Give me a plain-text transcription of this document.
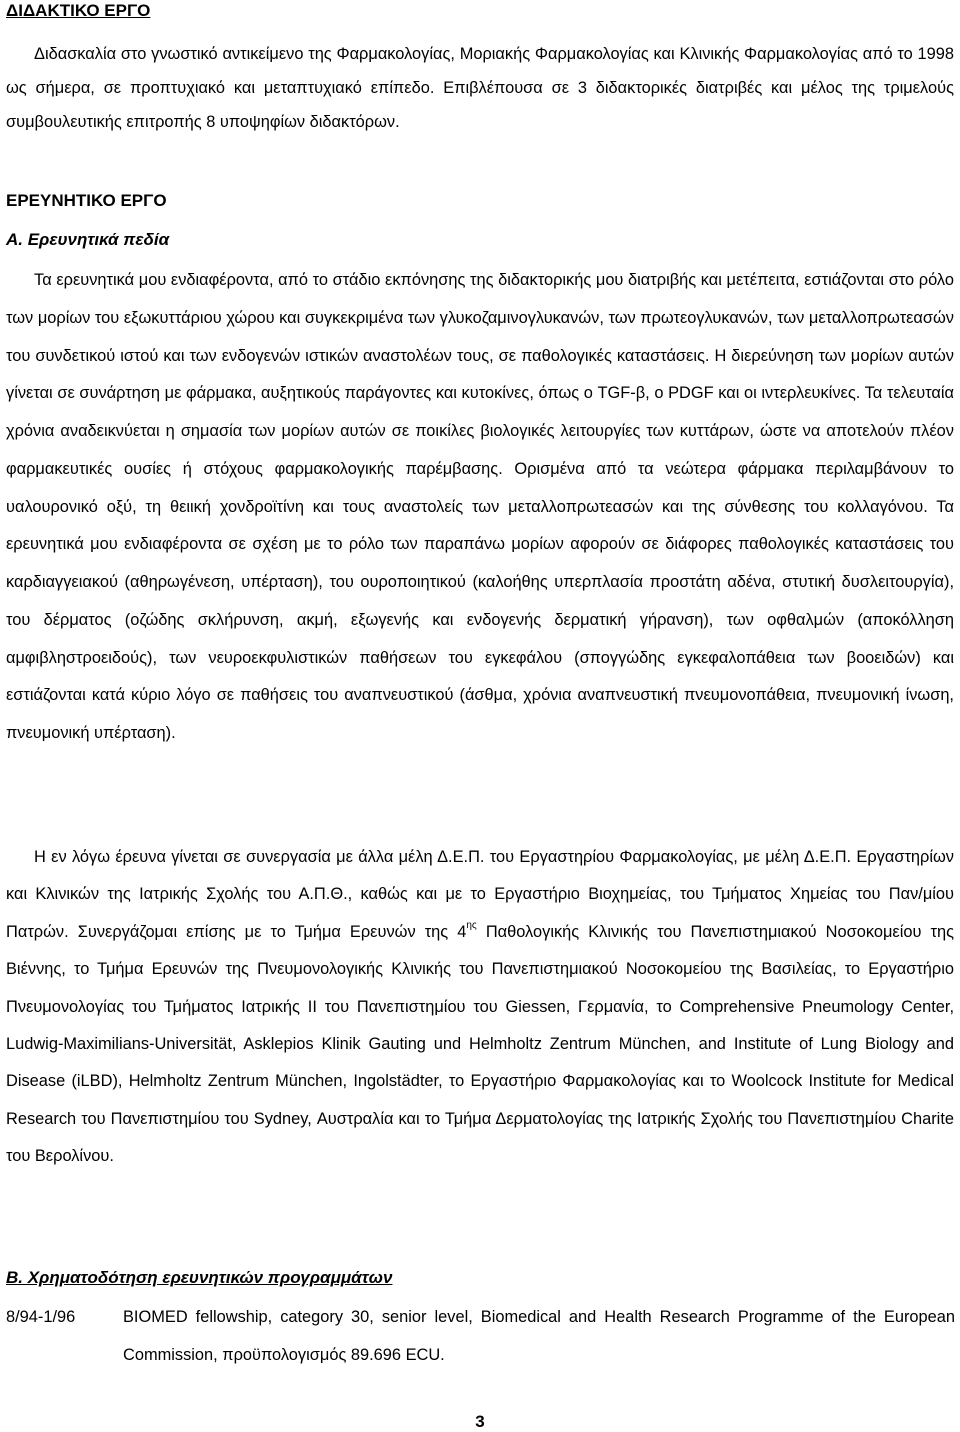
ΔΙΔΑΚΤΙΚΟ ΕΡΓΟ

Διδασκαλία στο γνωστικό αντικείμενο της Φαρμακολογίας, Μοριακής Φαρμακολογίας και Κλινικής Φαρμακολογίας από το 1998 ως σήμερα, σε προπτυχιακό και μεταπτυχιακό επίπεδο. Επιβλέπουσα σε 3 διδακτορικές διατριβές και μέλος της τριμελούς συμβουλευτικής επιτροπής 8 υποψηφίων διδακτόρων.

ΕΡΕΥΝΗΤΙΚΟ ΕΡΓΟ
Α. Ερευνητικά πεδία

Τα ερευνητικά μου ενδιαφέροντα, από το στάδιο εκπόνησης της διδακτορικής μου διατριβής και μετέπειτα, εστιάζονται στο ρόλο των μορίων του εξωκυττάριου χώρου και συγκεκριμένα των γλυκοζαμινογλυκανών, των πρωτεογλυκανών, των μεταλλοπρωτεασών του συνδετικού ιστού και των ενδογενών ιστικών αναστολέων τους, σε παθολογικές καταστάσεις. Η διερεύνηση των μορίων αυτών γίνεται σε συνάρτηση με φάρμακα, αυξητικούς παράγοντες και κυτοκίνες, όπως ο TGF-β, ο PDGF και οι ιντερλευκίνες. Τα τελευταία χρόνια αναδεικνύεται η σημασία των μορίων αυτών σε ποικίλες βιολογικές λειτουργίες των κυττάρων, ώστε να αποτελούν πλέον φαρμακευτικές ουσίες ή στόχους φαρμακολογικής παρέμβασης. Ορισμένα από τα νεώτερα φάρμακα περιλαμβάνουν το υαλουρονικό οξύ, τη θειική χονδροϊτίνη και τους αναστολείς των μεταλλοπρωτεασών και της σύνθεσης του κολλαγόνου. Τα ερευνητικά μου ενδιαφέροντα σε σχέση με το ρόλο των παραπάνω μορίων αφορούν σε διάφορες παθολογικές καταστάσεις του καρδιαγγειακού (αθηρωγένεση, υπέρταση), του ουροποιητικού (καλοήθης υπερπλασία προστάτη αδένα, στυτική δυσλειτουργία), του δέρματος (οζώδης σκλήρυνση, ακμή, εξωγενής και ενδογενής δερματική γήρανση), των οφθαλμών (αποκόλληση αμφιβληστροειδούς), των νευροεκφυλιστικών παθήσεων του εγκεφάλου (σπογγώδης εγκεφαλοπάθεια των βοοειδών) και εστιάζονται κατά κύριο λόγο σε παθήσεις του αναπνευστικού (άσθμα, χρόνια αναπνευστική πνευμονοπάθεια, πνευμονική ίνωση, πνευμονική υπέρταση).

Η εν λόγω έρευνα γίνεται σε συνεργασία με άλλα μέλη Δ.Ε.Π. του Εργαστηρίου Φαρμακολογίας, με μέλη Δ.Ε.Π. Εργαστηρίων και Κλινικών της Ιατρικής Σχολής του Α.Π.Θ., καθώς και με το Εργαστήριο Βιοχημείας, του Τμήματος Χημείας του Παν/μίου Πατρών. Συνεργάζομαι επίσης με το Τμήμα Ερευνών της $4^{\eta\varsigma}$ Παθολογικής Κλινικής του Πανεπιστημιακού Νοσοκομείου της Βιέννης, το Τμήμα Ερευνών της Πνευμονολογικής Κλινικής του Πανεπιστημιακού Νοσοκομείου της Βασιλείας, το Εργαστήριο Πνευμονολογίας του Τμήματος Ιατρικής II του Πανεπιστημίου του Giessen, Γερμανία, το Comprehensive Pneumology Center, Ludwig-Maximilians-Universität, Asklepios Klinik Gauting und Helmholtz Zentrum München, and Institute of Lung Biology and Disease (iLBD), Helmholtz Zentrum München, Ingolstädter, το Εργαστήριο Φαρμακολογίας και το Woolcock Institute for Medical Research του Πανεπιστημίου του Sydney, Αυστραλία και το Τμήμα Δερματολογίας της Ιατρικής Σχολής του Πανεπιστημίου Charite του Βερολίνου.

Β. Χρηματοδότηση ερευνητικών προγραμμάτων

8/94-1/96	BIOMED fellowship, category 30, senior level, Biomedical and Health Research Programme of the European Commission, προϋπολογισμός 89.696 ECU.

3
